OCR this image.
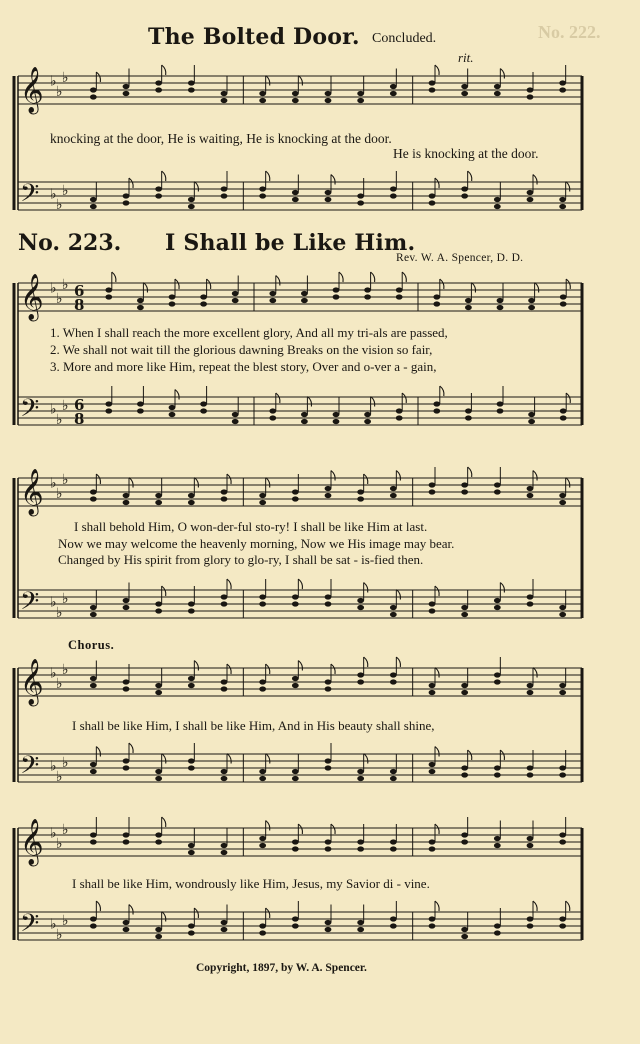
No. 222.
The Bolted Door. Concluded.
rit.
𝄞
𝄢
♭
♭
♭
♭
♭
♭
𝄞
𝄢
♭
♭
♭
♭
♭
♭
6
8
6
8
𝄞
𝄢
♭
♭
♭
♭
♭
♭
𝄞
𝄢
♭
♭
♭
♭
♭
♭
𝄞
𝄢
♭
♭
♭
♭
♭
♭
knocking at the door, He is waiting, He is knocking at the door.
He is knocking at the door.
No. 223. I Shall be Like Him.
Rev. W. A. Spencer, D. D.
1. When I shall reach the more excellent glory, And all my tri-als are passed,
2. We shall not wait till the glorious dawning Breaks on the vision so fair,
3. More and more like Him, repeat the blest story, Over and o-ver a - gain,
I shall behold Him, O won-der-ful sto-ry! I shall be like Him at last.
Now we may welcome the heavenly morning, Now we His image may bear.
Changed by His spirit from glory to glo-ry, I shall be sat - is-fied then.
Chorus.
I shall be like Him, I shall be like Him, And in His beauty shall shine,
I shall be like Him, wondrously like Him, Jesus, my Savior di - vine.
Copyright, 1897, by W. A. Spencer.
